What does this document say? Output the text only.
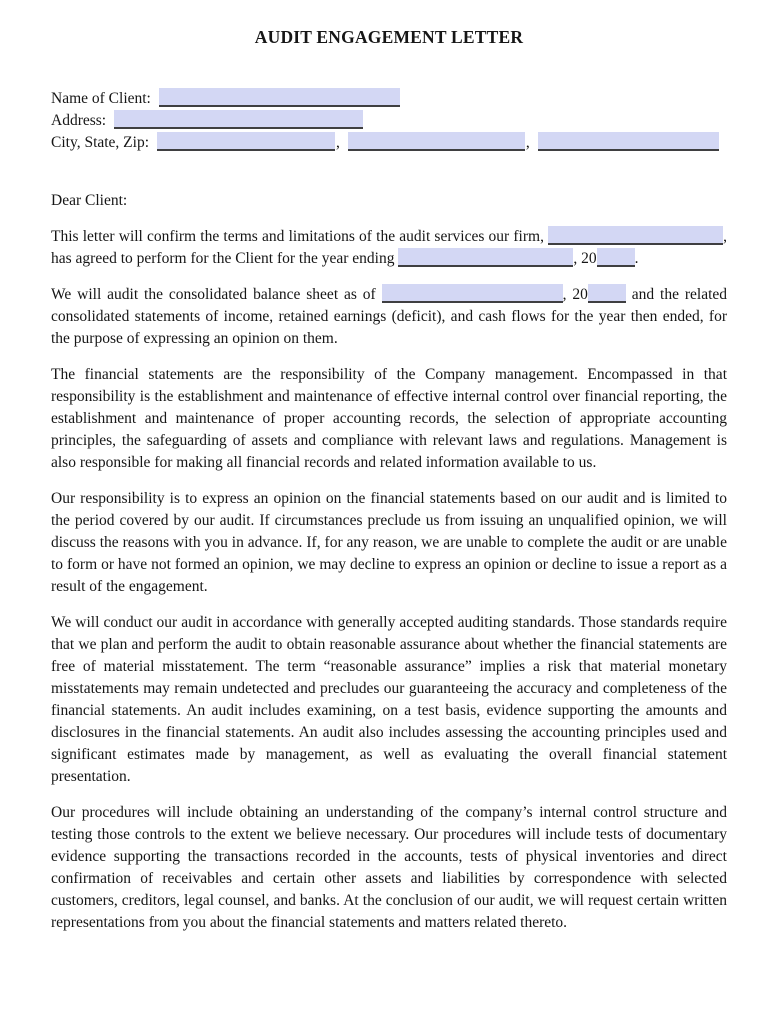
AUDIT ENGAGEMENT LETTER
Name of Client:
Address:
City, State, Zip:	,	,

Dear Client:

This letter will confirm the terms and limitations of the audit services our firm,	, has agreed to perform for the Client for the year ending	, 20 .

We will audit the consolidated balance sheet as of	, 20 and the related consolidated statements of income, retained earnings (deficit), and cash flows for the year then ended, for the purpose of expressing an opinion on them.

The financial statements are the responsibility of the Company management. Encompassed in that responsibility is the establishment and maintenance of effective internal control over financial reporting, the establishment and maintenance of proper accounting records, the selection of appropriate accounting principles, the safeguarding of assets and compliance with relevant laws and regulations. Management is also responsible for making all financial records and related information available to us.

Our responsibility is to express an opinion on the financial statements based on our audit and is limited to the period covered by our audit. If circumstances preclude us from issuing an unqualified opinion, we will discuss the reasons with you in advance. If, for any reason, we are unable to complete the audit or are unable to form or have not formed an opinion, we may decline to express an opinion or decline to issue a report as a result of the engagement.

We will conduct our audit in accordance with generally accepted auditing standards. Those standards require that we plan and perform the audit to obtain reasonable assurance about whether the financial statements are free of material misstatement. The term “reasonable assurance” implies a risk that material monetary misstatements may remain undetected and precludes our guaranteeing the accuracy and completeness of the financial statements. An audit includes examining, on a test basis, evidence supporting the amounts and disclosures in the financial statements. An audit also includes assessing the accounting principles used and significant estimates made by management, as well as evaluating the overall financial statement presentation.

Our procedures will include obtaining an understanding of the company’s internal control structure and testing those controls to the extent we believe necessary. Our procedures will include tests of documentary evidence supporting the transactions recorded in the accounts, tests of physical inventories and direct confirmation of receivables and certain other assets and liabilities by correspondence with selected customers, creditors, legal counsel, and banks. At the conclusion of our audit, we will request certain written representations from you about the financial statements and matters related thereto.
